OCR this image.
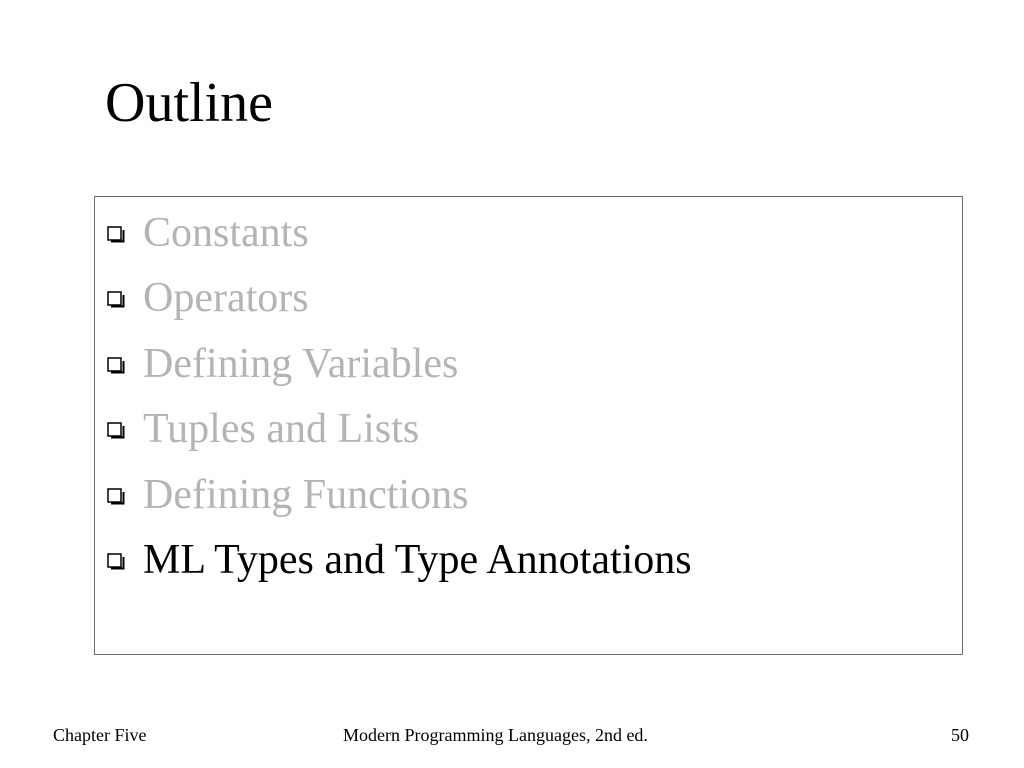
Outline
Constants
Operators
Defining Variables
Tuples and Lists
Defining Functions
ML Types and Type Annotations
Chapter Five	Modern Programming Languages, 2nd ed.	50
